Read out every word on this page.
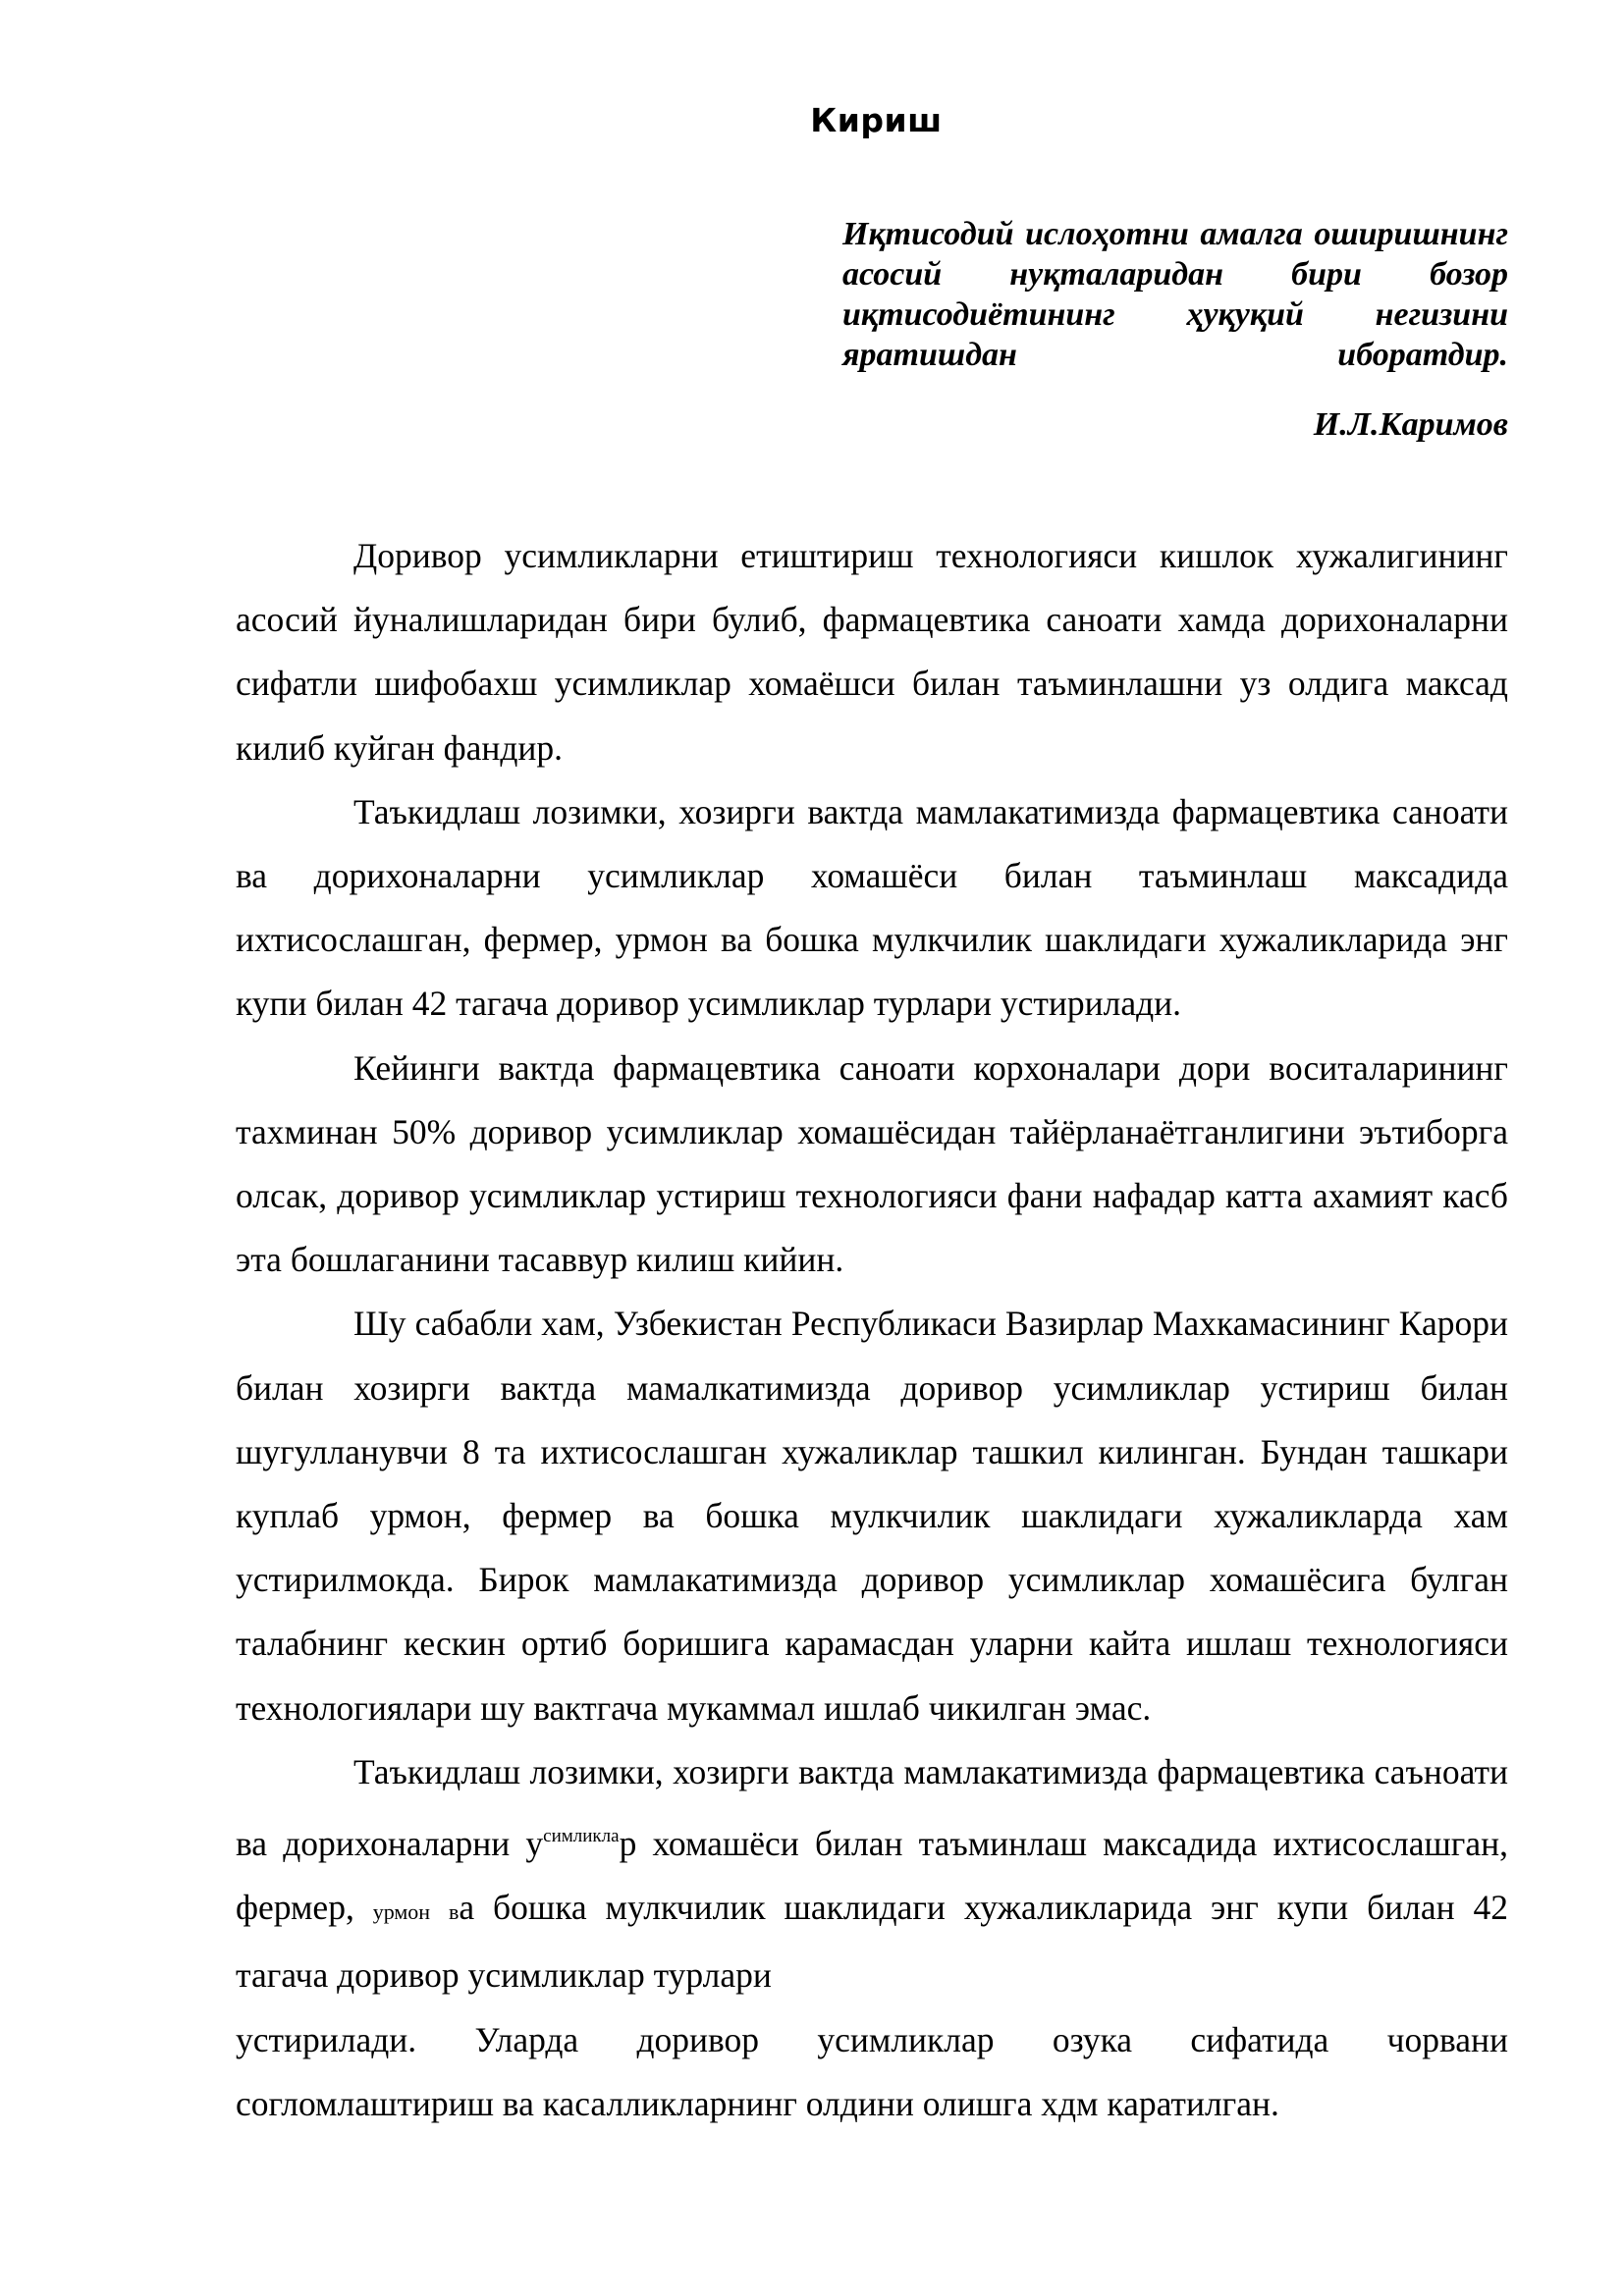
Кириш
Иқтисодий ислоҳотни амалга оширишнинг асосий нуқталаридан бири бозор иқтисодиётининг ҳуқуқий негизини яратишдан иборатдир.
И.Л.Каримов

Доривор усимликларни етиштириш технологияси кишлок хужалигининг асосий йуналишларидан бири булиб, фармацевтика саноати хамда дорихоналарни сифатли шифобахш усимликлар хомаёшси билан таъминлашни уз олдига максад килиб куйган фандир.

Таъкидлаш лозимки, хозирги вактда мамлакатимизда фармацевтика саноати ва дорихоналарни усимликлар хомашёси билан таъминлаш максадида ихтисослашган, фермер, урмон ва бошка мулкчилик шаклидаги хужаликларида энг купи билан 42 тагача доривор усимликлар турлари устирилади.

Кейинги вактда фармацевтика саноати корхоналари дори воситаларининг тахминан 50% доривор усимликлар хомашёсидан тайёрланаётганлигини эътиборга олсак, доривор усимликлар устириш технологияси фани нафадар катта ахамият касб эта бошлаганини тасаввур килиш кийин.

Шу сабабли хам, Узбекистан Республикаси Вазирлар Махкамасининг Карори билан хозирги вактда мамалкатимизда доривор усимликлар устириш билан шугулланувчи 8 та ихтисослашган хужаликлар ташкил килинган. Бундан ташкари куплаб урмон, фермер ва бошка мулкчилик шаклидаги хужаликларда хам устирилмокда. Бирок мамлакатимизда доривор усимликлар хомашёсига булган талабнинг кескин ортиб боришига карамасдан уларни кайта ишлаш технологияси технологиялари шу вактгача мукаммал ишлаб чикилган эмас.

Таъкидлаш лозимки, хозирги вактда мамлакатимизда фармацевтика саъноати ва дорихоналарни $у^{симликла}р$ хомашёси билан таъминлаш максадида ихтисослашган, фермер, урмон ва бошка мулкчилик шаклидаги хужаликларида энг купи билан 42 тагача доривор усимликлар турлари

устирилади. Уларда доривор усимликлар озука сифатида чорвани

согломлаштириш ва касалликларнинг олдини олишга хдм каратилган.
